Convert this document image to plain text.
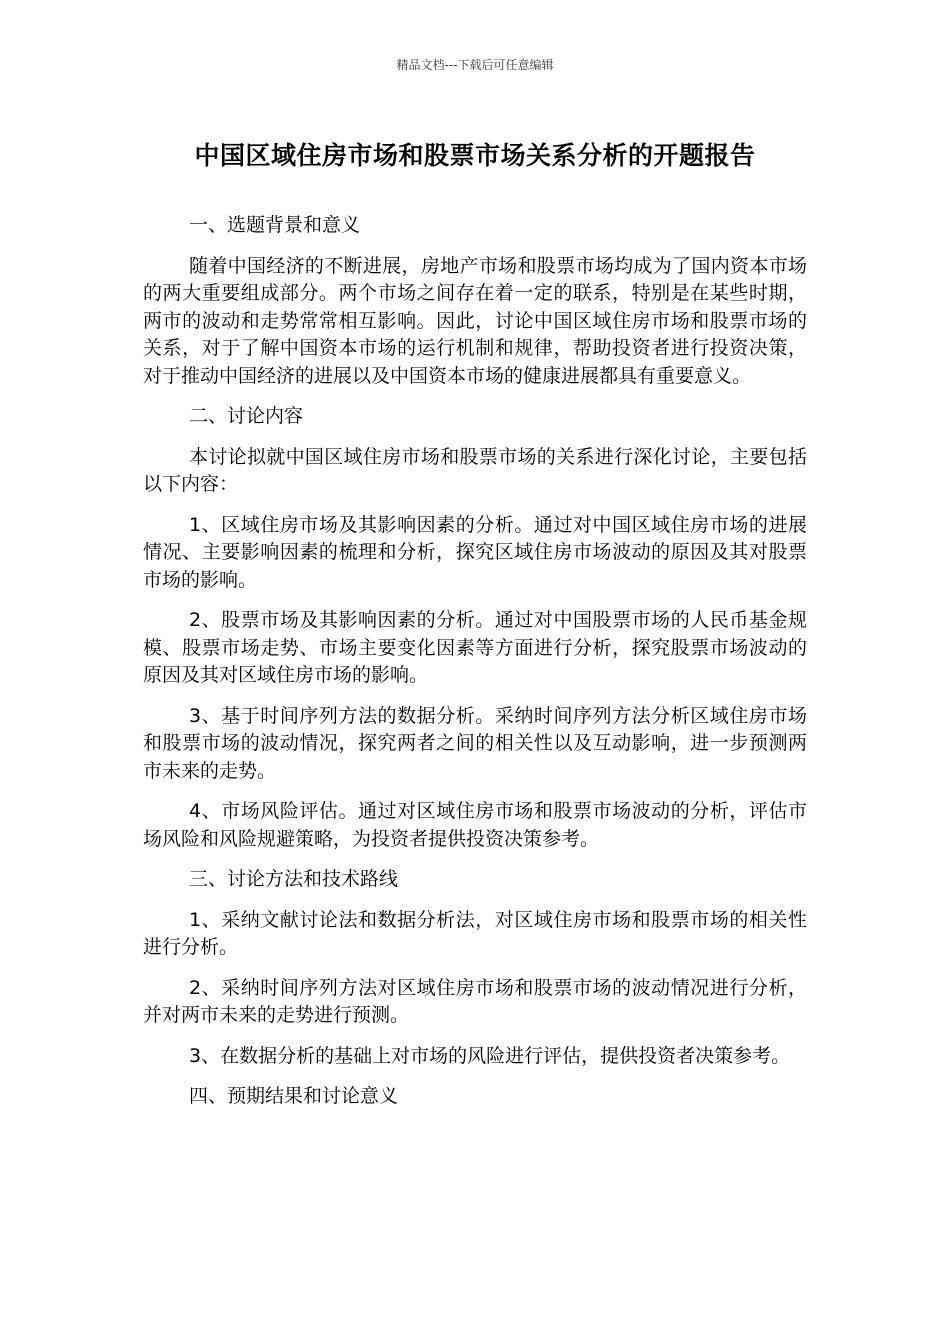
精品文档---下载后可任意编辑
中国区域住房市场和股票市场关系分析的开题报告

一、选题背景和意义

随着中国经济的不断进展，房地产市场和股票市场均成为了国内资本市场的两大重要组成部分。两个市场之间存在着一定的联系，特别是在某些时期，两市的波动和走势常常相互影响。因此，讨论中国区域住房市场和股票市场的关系，对于了解中国资本市场的运行机制和规律，帮助投资者进行投资决策，对于推动中国经济的进展以及中国资本市场的健康进展都具有重要意义。

二、讨论内容

本讨论拟就中国区域住房市场和股票市场的关系进行深化讨论，主要包括以下内容：

1、区域住房市场及其影响因素的分析。通过对中国区域住房市场的进展情况、主要影响因素的梳理和分析，探究区域住房市场波动的原因及其对股票市场的影响。

2、股票市场及其影响因素的分析。通过对中国股票市场的人民币基金规模、股票市场走势、市场主要变化因素等方面进行分析，探究股票市场波动的原因及其对区域住房市场的影响。

3、基于时间序列方法的数据分析。采纳时间序列方法分析区域住房市场和股票市场的波动情况，探究两者之间的相关性以及互动影响，进一步预测两市未来的走势。

4、市场风险评估。通过对区域住房市场和股票市场波动的分析，评估市场风险和风险规避策略，为投资者提供投资决策参考。

三、讨论方法和技术路线

1、采纳文献讨论法和数据分析法，对区域住房市场和股票市场的相关性进行分析。

2、采纳时间序列方法对区域住房市场和股票市场的波动情况进行分析，并对两市未来的走势进行预测。

3、在数据分析的基础上对市场的风险进行评估，提供投资者决策参考。

四、预期结果和讨论意义
